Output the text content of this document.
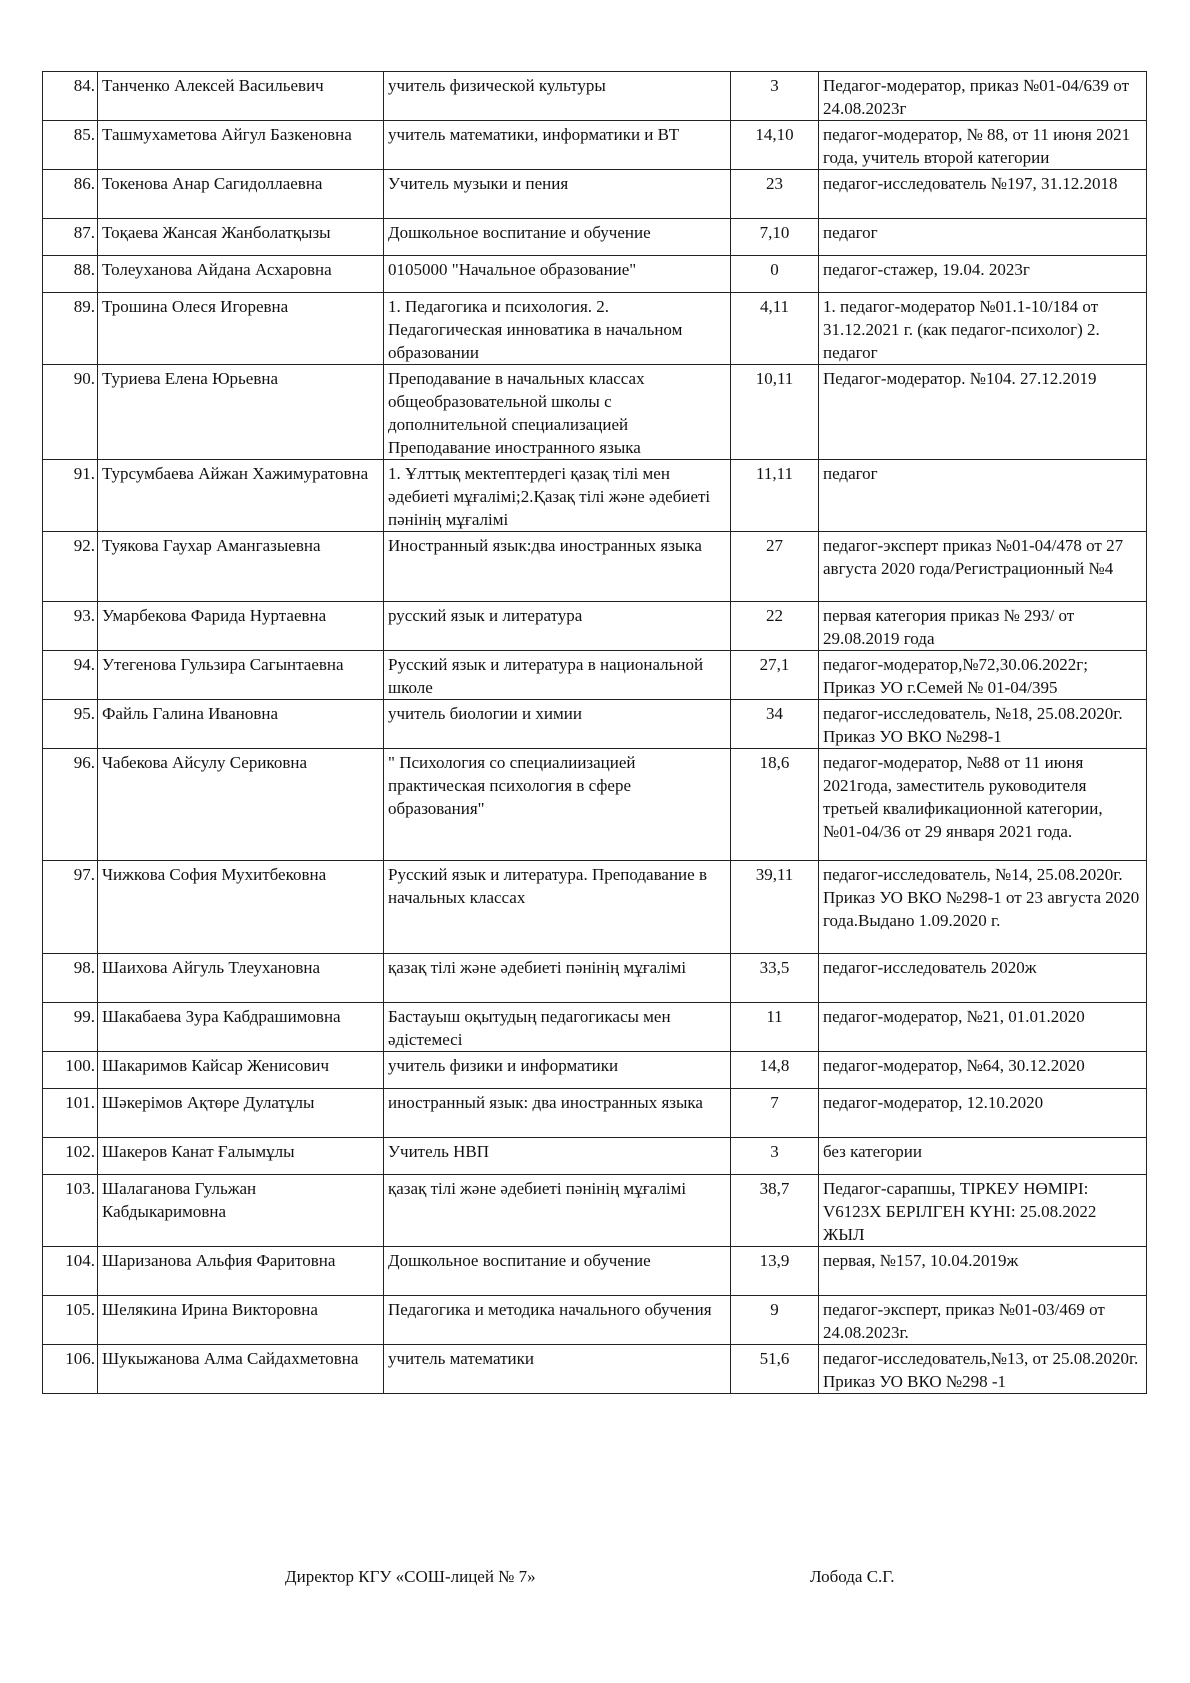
84.	Танченко Алексей Васильевич	учитель физической культуры	3	Педагог-модератор, приказ №01-04/639 от 24.08.2023г
85.	Ташмухаметова Айгул Базкеновна	учитель математики, информатики и ВТ	14,10	педагог-модератор, № 88, от 11 июня 2021 года, учитель второй категории
86.	Токенова Анар Сагидоллаевна	Учитель музыки и пения	23	педагог-исследователь №197, 31.12.2018
87.	Тоқаева Жансая Жанболатқызы	Дошкольное воспитание и обучение	7,10	педагог
88.	Толеуханова Айдана Асхаровна	0105000 "Начальное образование"	0	педагог-стажер, 19.04. 2023г
89.	Трошина Олеся Игоревна	1. Педагогика и психология. 2. Педагогическая инноватика в начальном образовании	4,11	1. педагог-модератор №01.1-10/184 от 31.12.2021 г. (как педагог-психолог) 2. педагог
90.	Туриева Елена Юрьевна	Преподавание в начальных классах общеобразовательной школы с дополнительной специализацией Преподавание иностранного языка	10,11	Педагог-модератор. №104. 27.12.2019
91.	Турсумбаева Айжан Хажимуратовна	1. Ұлттық мектептердегі қазақ тілі мен әдебиеті мұғалімі;2.Қазақ тілі және әдебиеті пәнінің мұғалімі	11,11	педагог
92.	Туякова Гаухар Амангазыевна	Иностранный язык:два иностранных языка	27	педагог-эксперт приказ №01-04/478 от 27 августа 2020 года/Регистрационный №4
93.	Умарбекова Фарида Нуртаевна	русский язык и литература	22	первая категория приказ № 293/ от 29.08.2019 года
94.	Утегенова Гульзира Сагынтаевна	Русский язык и литература в национальной школе	27,1	педагог-модератор,№72,30.06.2022г; Приказ УО г.Семей № 01-04/395
95.	Файль Галина Ивановна	учитель биологии и химии	34	педагог-исследователь, №18, 25.08.2020г. Приказ УО ВКО №298-1
96.	Чабекова Айсулу Сериковна	" Психология со специалиизацией практическая психология в сфере образования"	18,6	педагог-модератор, №88 от 11 июня 2021года, заместитель руководителя третьей квалификационной категории, №01-04/36 от 29 января 2021 года.
97.	Чижкова София Мухитбековна	Русский язык и литература. Преподавание в начальных классах	39,11	педагог-исследователь, №14, 25.08.2020г. Приказ УО ВКО №298-1 от 23 августа 2020 года.Выдано 1.09.2020 г.
98.	Шаихова Айгуль Тлеухановна	қазақ тілі және әдебиеті пәнінің мұғалімі	33,5	педагог-исследователь 2020ж
99.	Шакабаева Зура Кабдрашимовна	Бастауыш оқытудың педагогикасы мен әдістемесі	11	педагог-модератор, №21, 01.01.2020
100.	Шакаримов Кайсар Женисович	учитель физики и информатики	14,8	педагог-модератор, №64, 30.12.2020
101.	Шәкерімов Ақтөре Дулатұлы	иностранный язык: два иностранных языка	7	педагог-модератор, 12.10.2020
102.	Шакеров Канат Ғалымұлы	Учитель НВП	3	без категории
103.	Шалаганова Гульжан Кабдыкаримовна	қазақ тілі және әдебиеті пәнінің мұғалімі	38,7	Педагог-сарапшы, ТІРКЕУ НӨМІРІ: V6123X БЕРІЛГЕН КҮНІ: 25.08.2022 ЖЫЛ
104.	Шаризанова Альфия Фаритовна	Дошкольное воспитание и обучение	13,9	первая, №157, 10.04.2019ж
105.	Шелякина Ирина Викторовна	Педагогика и методика начального обучения	9	педагог-эксперт, приказ №01-03/469 от 24.08.2023г.
106.	Шукыжанова Алма Сайдахметовна	учитель математики	51,6	педагог-исследователь,№13, от 25.08.2020г. Приказ УО ВКО №298 -1
Директор КГУ «СОШ-лицей № 7»	Лобода С.Г.
